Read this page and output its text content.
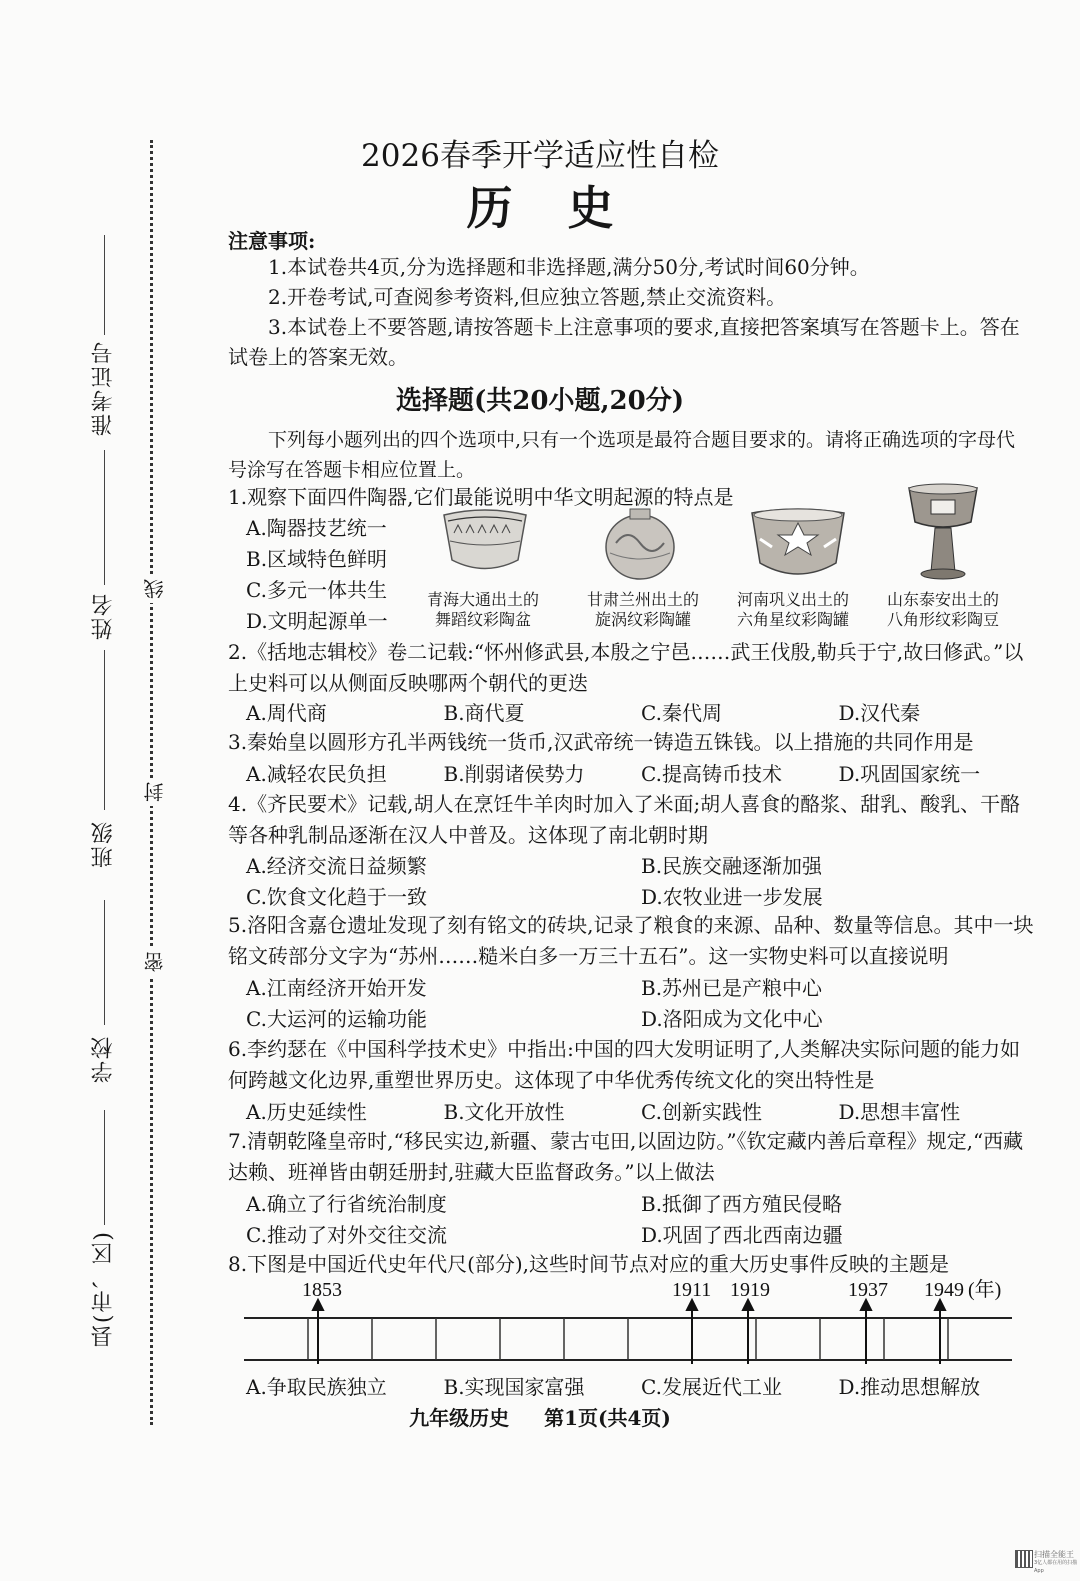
准考证号
姓名
班级
学校
县(市、区)
线
封
密
2026春季开学适应性自检
历史
注意事项:
1.本试卷共4页,分为选择题和非选择题,满分50分,考试时间60分钟。
2.开卷考试,可查阅参考资料,但应独立答题,禁止交流资料。
3.本试卷上不要答题,请按答题卡上注意事项的要求,直接把答案填写在答题卡上。答在试卷上的答案无效。
选择题(共20小题,20分)
下列每小题列出的四个选项中,只有一个选项是最符合题目要求的。请将正确选项的字母代号涂写在答题卡相应位置上。
1.观察下面四件陶器,它们最能说明中华文明起源的特点是
A.陶器技艺统一
B.区域特色鲜明
C.多元一体共生
D.文明起源单一
青海大通出土的
舞蹈纹彩陶盆
甘肃兰州出土的
旋涡纹彩陶罐
河南巩义出土的
六角星纹彩陶罐
山东泰安出土的
八角形纹彩陶豆
2.《括地志辑校》卷二记载:“怀州修武县,本殷之宁邑……武王伐殷,勒兵于宁,故曰修武。”以上史料可以从侧面反映哪两个朝代的更迭
A.周代商	B.商代夏	C.秦代周	D.汉代秦
3.秦始皇以圆形方孔半两钱统一货币,汉武帝统一铸造五铢钱。以上措施的共同作用是
A.减轻农民负担	B.削弱诸侯势力	C.提高铸币技术	D.巩固国家统一
4.《齐民要术》记载,胡人在烹饪牛羊肉时加入了米面;胡人喜食的酪浆、甜乳、酸乳、干酪等各种乳制品逐渐在汉人中普及。这体现了南北朝时期
A.经济交流日益频繁	B.民族交融逐渐加强
C.饮食文化趋于一致	D.农牧业进一步发展
5.洛阳含嘉仓遗址发现了刻有铭文的砖块,记录了粮食的来源、品种、数量等信息。其中一块铭文砖部分文字为“苏州……糙米白多一万三十五石”。这一实物史料可以直接说明
A.江南经济开始开发	B.苏州已是产粮中心
C.大运河的运输功能	D.洛阳成为文化中心
6.李约瑟在《中国科学技术史》中指出:中国的四大发明证明了,人类解决实际问题的能力如何跨越文化边界,重塑世界历史。这体现了中华优秀传统文化的突出特性是
A.历史延续性	B.文化开放性	C.创新实践性	D.思想丰富性
7.清朝乾隆皇帝时,“移民实边,新疆、蒙古屯田,以固边防。”《钦定藏内善后章程》规定,“西藏达赖、班禅皆由朝廷册封,驻藏大臣监督政务。”以上做法
A.确立了行省统治制度	B.抵御了西方殖民侵略
C.推动了对外交往交流	D.巩固了西北西南边疆
8.下图是中国近代史年代尺(部分),这些时间节点对应的重大历史事件反映的主题是
1853	1911 1919	1937 1949 (年)
A.争取民族独立	B.实现国家富强	C.发展近代工业	D.推动思想解放
九年级历史 第1页(共4页)
扫描全能王
3亿人都在用的扫描App
